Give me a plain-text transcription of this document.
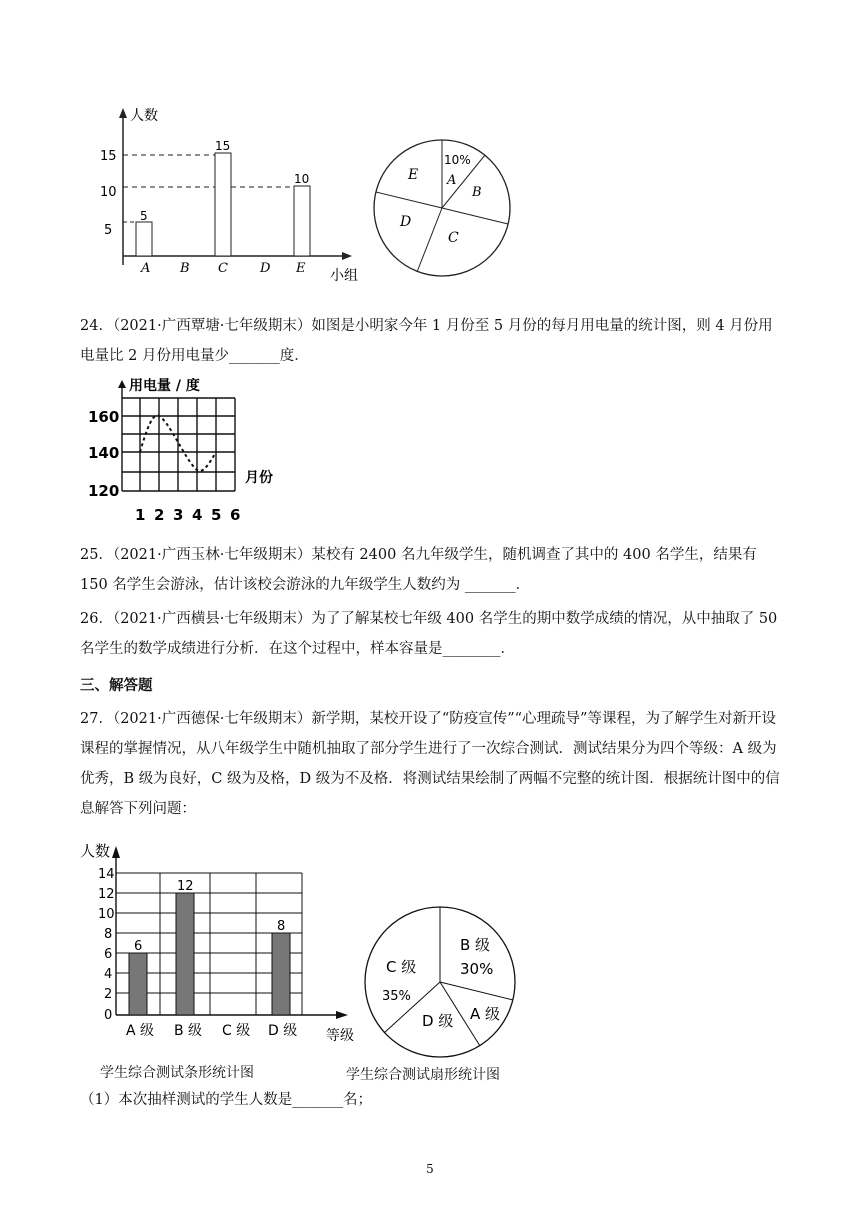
人数
小组
15
10
5
5
15
10
A B C D E
10%
A
B
C
D
E
24．（2021·广西覃塘·七年级期末）如图是小明家今年 1 月份至 5 月份的每月用电量的统计图，则 4 月份用电量比 2 月份用电量少_______度．
用电量 / 度
月份
160
140
120
1 2 3 4 5 6
25．（2021·广西玉林·七年级期末）某校有 2400 名九年级学生，随机调查了其中的 400 名学生，结果有 150 名学生会游泳，估计该校会游泳的九年级学生人数约为 _______．
26．（2021·广西横县·七年级期末）为了了解某校七年级 400 名学生的期中数学成绩的情况，从中抽取了 50 名学生的数学成绩进行分析．在这个过程中，样本容量是________．
三、解答题
27．（2021·广西德保·七年级期末）新学期，某校开设了“防疫宣传”“心理疏导”等课程，为了解学生对新开设课程的掌握情况，从八年级学生中随机抽取了部分学生进行了一次综合测试．测试结果分为四个等级：A 级为优秀，B 级为良好，C 级为及格，D 级为不及格．将测试结果绘制了两幅不完整的统计图．根据统计图中的信息解答下列问题：
人数
14
12
10
8
6
4
2
0
6
12
8
A 级 B 级 C 级 D 级 等级
学生综合测试条形统计图
B 级
30%
C 级
35%
D 级 A 级
学生综合测试扇形统计图
（1）本次抽样测试的学生人数是_______名；
5
